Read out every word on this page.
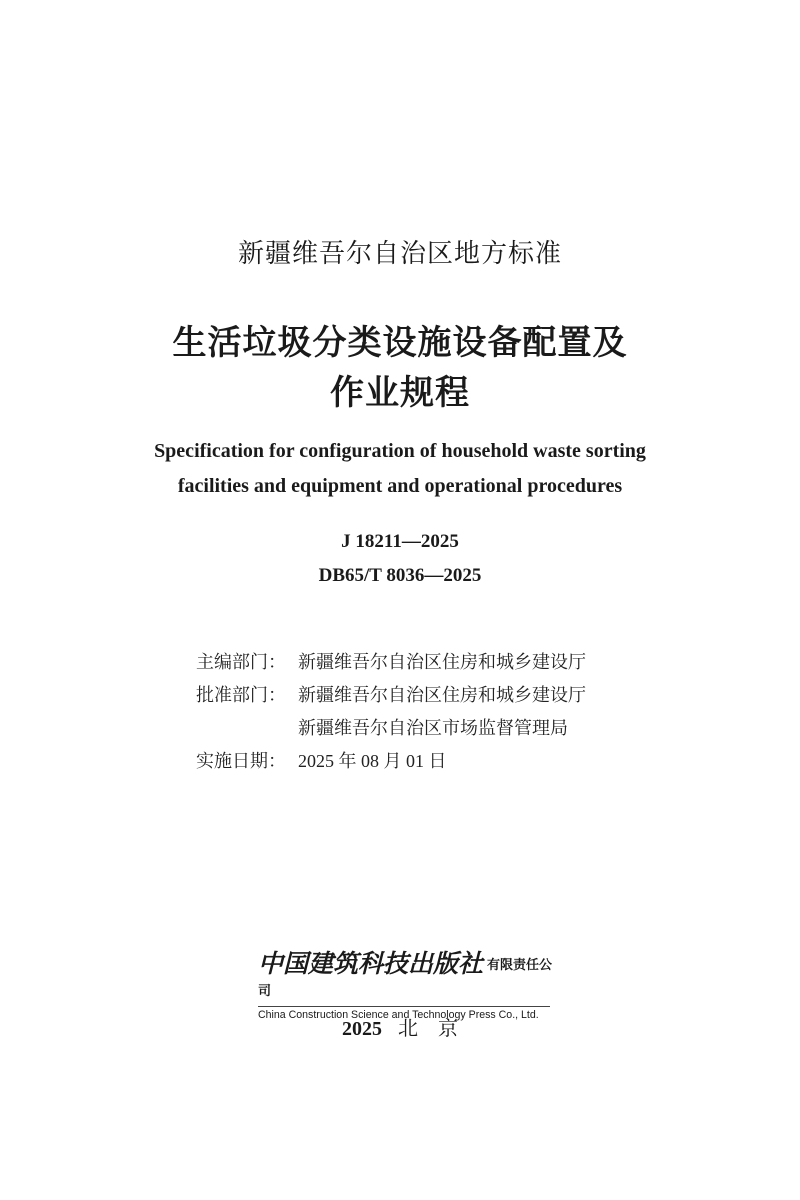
新疆维吾尔自治区地方标准
生活垃圾分类设施设备配置及
作业规程
Specification for configuration of household waste sorting
facilities and equipment and operational procedures
J 18211—2025
DB65/T 8036—2025
主编部门： 新疆维吾尔自治区住房和城乡建设厅
批准部门： 新疆维吾尔自治区住房和城乡建设厅
新疆维吾尔自治区市场监督管理局
实施日期： 2025 年 08 月 01 日
中国建筑科技出版社 有限责任公司
China Construction Science and Technology Press Co., Ltd.
2025 北　京
